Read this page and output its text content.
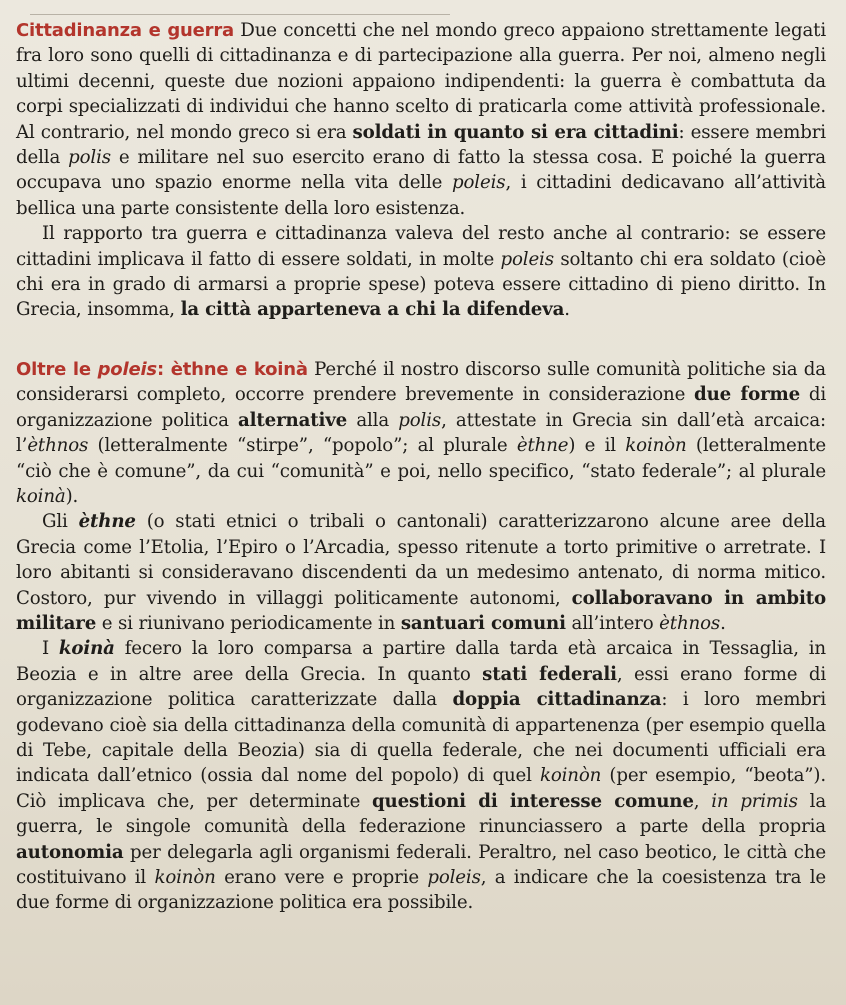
Cittadinanza e guerra Due concetti che nel mondo greco appaiono strettamente legati fra loro sono quelli di cittadinanza e di partecipazione alla guerra. Per noi, almeno negli ultimi decenni, queste due nozioni appaiono indipendenti: la guerra è combattuta da corpi specializzati di individui che hanno scelto di praticarla come attività professionale. Al contrario, nel mondo greco si era soldati in quanto si era cittadini: essere membri della polis e militare nel suo esercito erano di fatto la stessa cosa. E poiché la guerra occupava uno spazio enorme nella vita delle poleis, i cittadini dedicavano all’attività bellica una parte consistente della loro esistenza.

Il rapporto tra guerra e cittadinanza valeva del resto anche al contrario: se essere cittadini implicava il fatto di essere soldati, in molte poleis soltanto chi era soldato (cioè chi era in grado di armarsi a proprie spese) poteva essere cittadino di pieno diritto. In Grecia, insomma, la città apparteneva a chi la difendeva.

Oltre le poleis: èthne e koinà Perché il nostro discorso sulle comunità politiche sia da considerarsi completo, occorre prendere brevemente in considerazione due forme di organizzazione politica alternative alla polis, attestate in Grecia sin dall’età arcaica: l’èthnos (letteralmente “stirpe”, “popolo”; al plurale èthne) e il koinòn (letteralmente “ciò che è comune”, da cui “comunità” e poi, nello specifico, “stato federale”; al plurale koinà).

Gli èthne (o stati etnici o tribali o cantonali) caratterizzarono alcune aree della Grecia come l’Etolia, l’Epiro o l’Arcadia, spesso ritenute a torto primitive o arretrate. I loro abitanti si consideravano discendenti da un medesimo antenato, di norma mitico. Costoro, pur vivendo in villaggi politicamente autonomi, collaboravano in ambito militare e si riunivano periodicamente in santuari comuni all’intero èthnos.

I koinà fecero la loro comparsa a partire dalla tarda età arcaica in Tessaglia, in Beozia e in altre aree della Grecia. In quanto stati federali, essi erano forme di organizzazione politica caratterizzate dalla doppia cittadinanza: i loro membri godevano cioè sia della cittadinanza della comunità di appartenenza (per esempio quella di Tebe, capitale della Beozia) sia di quella federale, che nei documenti ufficiali era indicata dall’etnico (ossia dal nome del popolo) di quel koinòn (per esempio, “beota”). Ciò implicava che, per determinate questioni di interesse comune, in primis la guerra, le singole comunità della federazione rinunciassero a parte della propria autonomia per delegarla agli organismi federali. Peraltro, nel caso beotico, le città che costituivano il koinòn erano vere e proprie poleis, a indicare che la coesistenza tra le due forme di organizzazione politica era possibile.
